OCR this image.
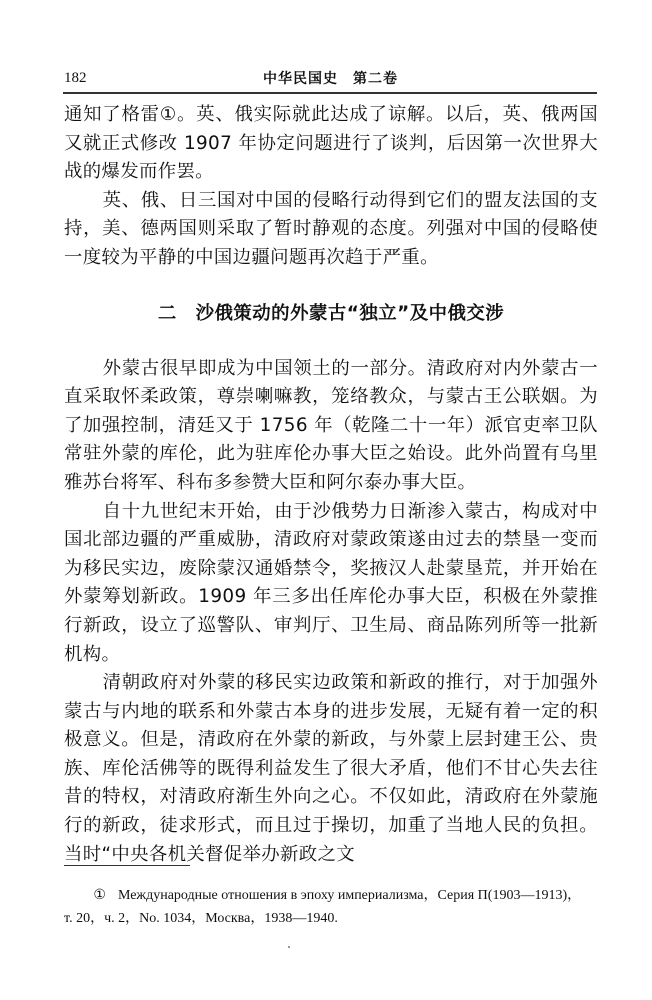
182	中华民国史　第二卷

通知了格雷①。英、俄实际就此达成了谅解。以后，英、俄两国又就正式修改 1907 年协定问题进行了谈判，后因第一次世界大战的爆发而作罢。

英、俄、日三国对中国的侵略行动得到它们的盟友法国的支持，美、德两国则采取了暂时静观的态度。列强对中国的侵略使一度较为平静的中国边疆问题再次趋于严重。

二　沙俄策动的外蒙古“独立”及中俄交涉

外蒙古很早即成为中国领土的一部分。清政府对内外蒙古一直采取怀柔政策，尊崇喇嘛教，笼络教众，与蒙古王公联姻。为了加强控制，清廷又于 1756 年（乾隆二十一年）派官吏率卫队常驻外蒙的库伦，此为驻库伦办事大臣之始设。此外尚置有乌里雅苏台将军、科布多参赞大臣和阿尔泰办事大臣。

自十九世纪末开始，由于沙俄势力日渐渗入蒙古，构成对中国北部边疆的严重威胁，清政府对蒙政策遂由过去的禁垦一变而为移民实边，废除蒙汉通婚禁令，奖掖汉人赴蒙垦荒，并开始在外蒙筹划新政。1909 年三多出任库伦办事大臣，积极在外蒙推行新政，设立了巡警队、审判厅、卫生局、商品陈列所等一批新机构。

清朝政府对外蒙的移民实边政策和新政的推行，对于加强外蒙古与内地的联系和外蒙古本身的进步发展，无疑有着一定的积极意义。但是，清政府在外蒙的新政，与外蒙上层封建王公、贵族、库伦活佛等的既得利益发生了很大矛盾，他们不甘心失去往昔的特权，对清政府渐生外向之心。不仅如此，清政府在外蒙施行的新政，徒求形式，而且过于操切，加重了当地人民的负担。当时“中央各机关督促举办新政之文

① Международные отношения в эпоху империализма，Серия П(1903—1913)，
т. 20，ч. 2，No. 1034，Москва，1938—1940.
